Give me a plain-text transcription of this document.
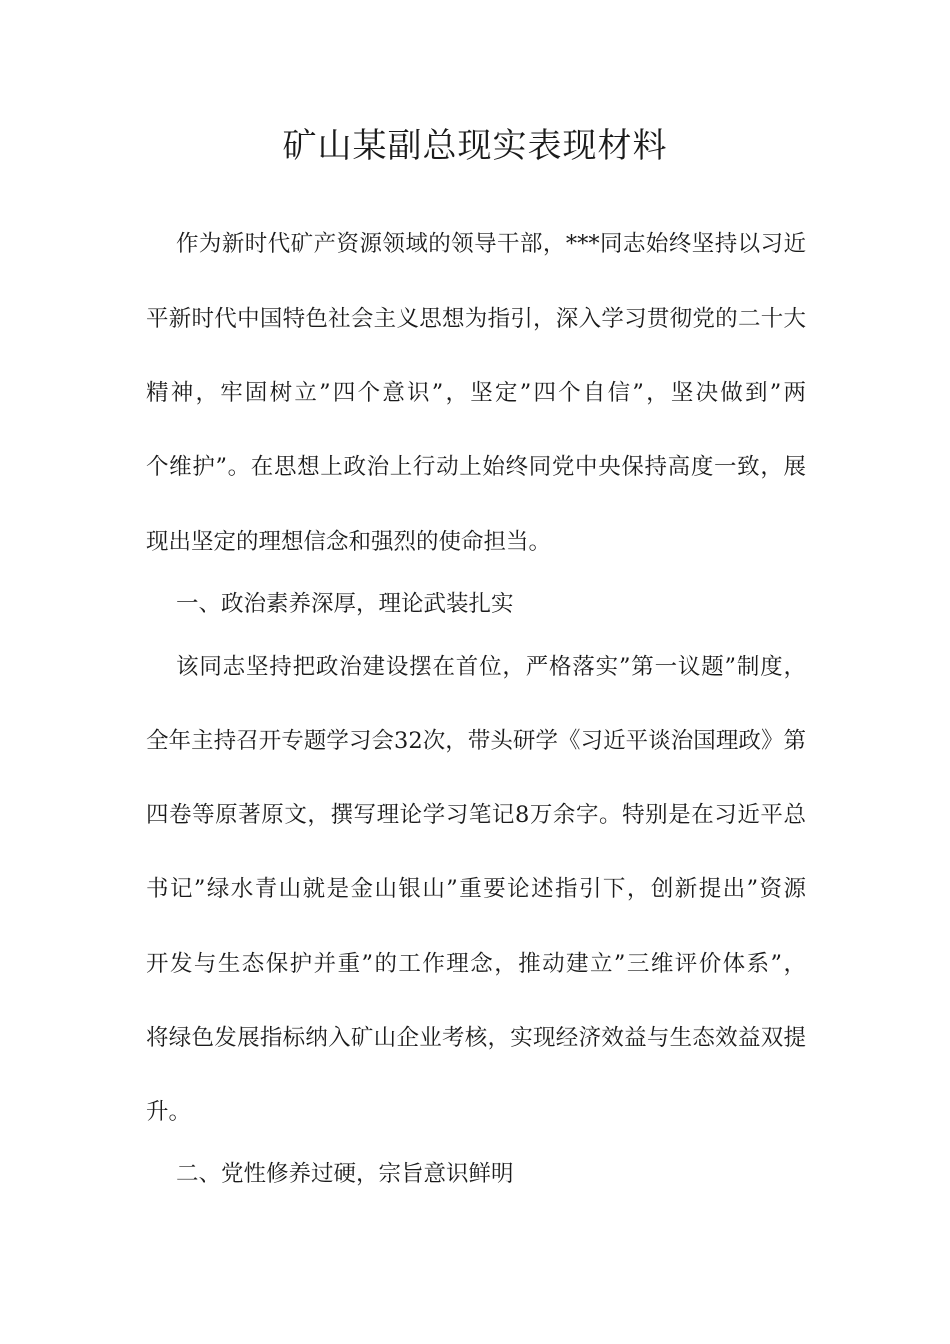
矿山某副总现实表现材料
作为新时代矿产资源领域的领导干部，***同志始终坚持以习近
平新时代中国特色社会主义思想为指引，深入学习贯彻党的二十大
精神，牢固树立”四个意识”，坚定”四个自信”，坚决做到”两
个维护”。在思想上政治上行动上始终同党中央保持高度一致，展
现出坚定的理想信念和强烈的使命担当。
一、政治素养深厚，理论武装扎实
该同志坚持把政治建设摆在首位，严格落实”第一议题”制度，
全年主持召开专题学习会32次，带头研学《习近平谈治国理政》第
四卷等原著原文，撰写理论学习笔记8万余字。特别是在习近平总
书记”绿水青山就是金山银山”重要论述指引下，创新提出”资源
开发与生态保护并重”的工作理念，推动建立”三维评价体系”，
将绿色发展指标纳入矿山企业考核，实现经济效益与生态效益双提
升。
二、党性修养过硬，宗旨意识鲜明
